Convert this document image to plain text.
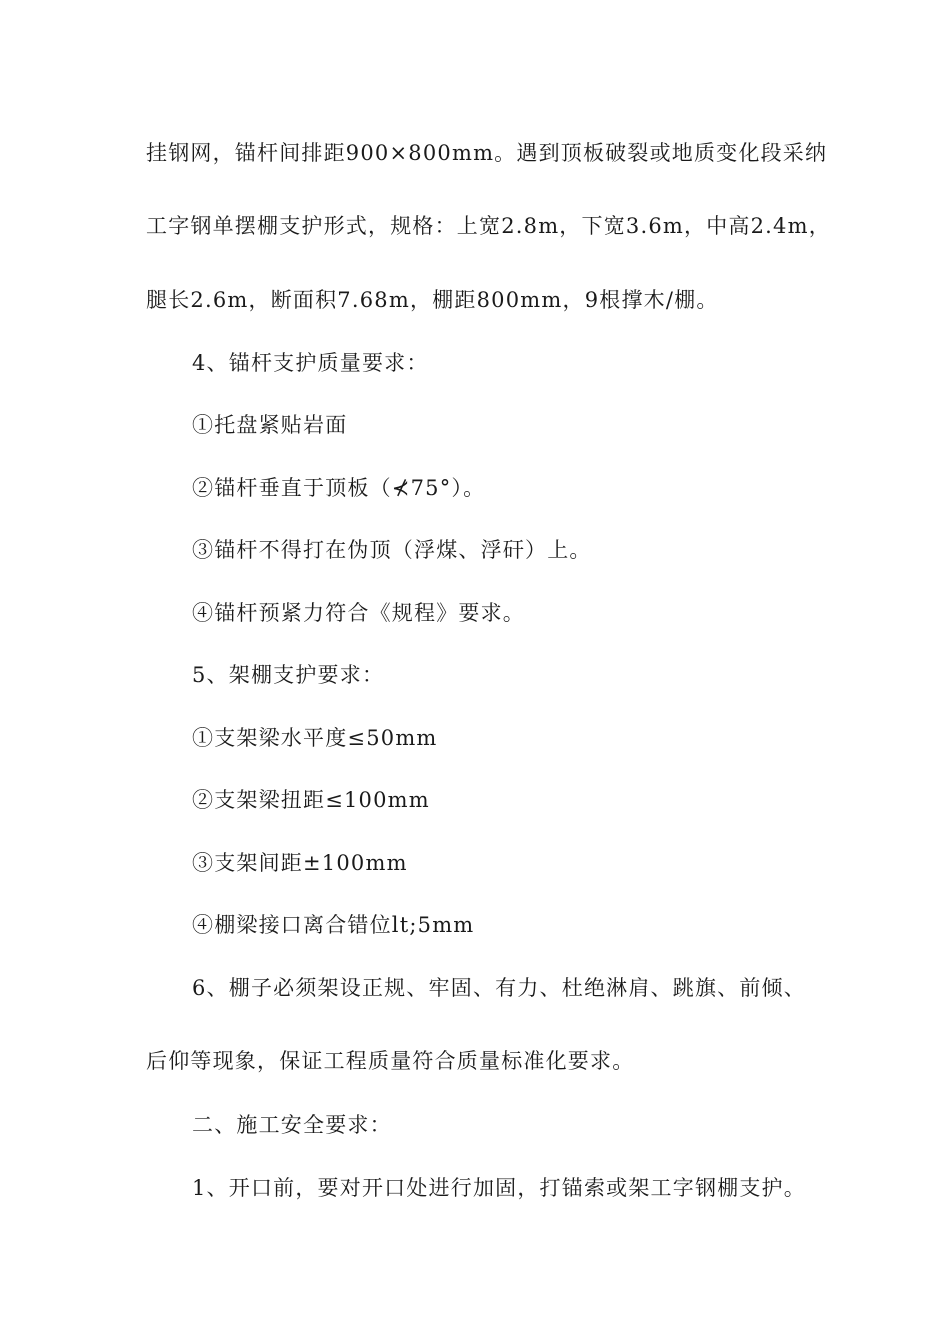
挂钢网，锚杆间排距900×800mm。遇到顶板破裂或地质变化段采纳
工字钢单摆棚支护形式，规格：上宽2.8m，下宽3.6m，中高2.4m，
腿长2.6m，断面积7.68m，棚距800mm，9根撑木/棚。
4、锚杆支护质量要求：
①托盘紧贴岩面
②锚杆垂直于顶板（⊀75°）。
③锚杆不得打在伪顶（浮煤、浮矸）上。
④锚杆预紧力符合《规程》要求。
5、架棚支护要求：
①支架梁水平度≤50mm
②支架梁扭距≤100mm
③支架间距±100mm
④棚梁接口离合错位lt;5mm
6、棚子必须架设正规、牢固、有力、杜绝淋肩、跳旗、前倾、
后仰等现象，保证工程质量符合质量标准化要求。
二、施工安全要求：
1、开口前，要对开口处进行加固，打锚索或架工字钢棚支护。
